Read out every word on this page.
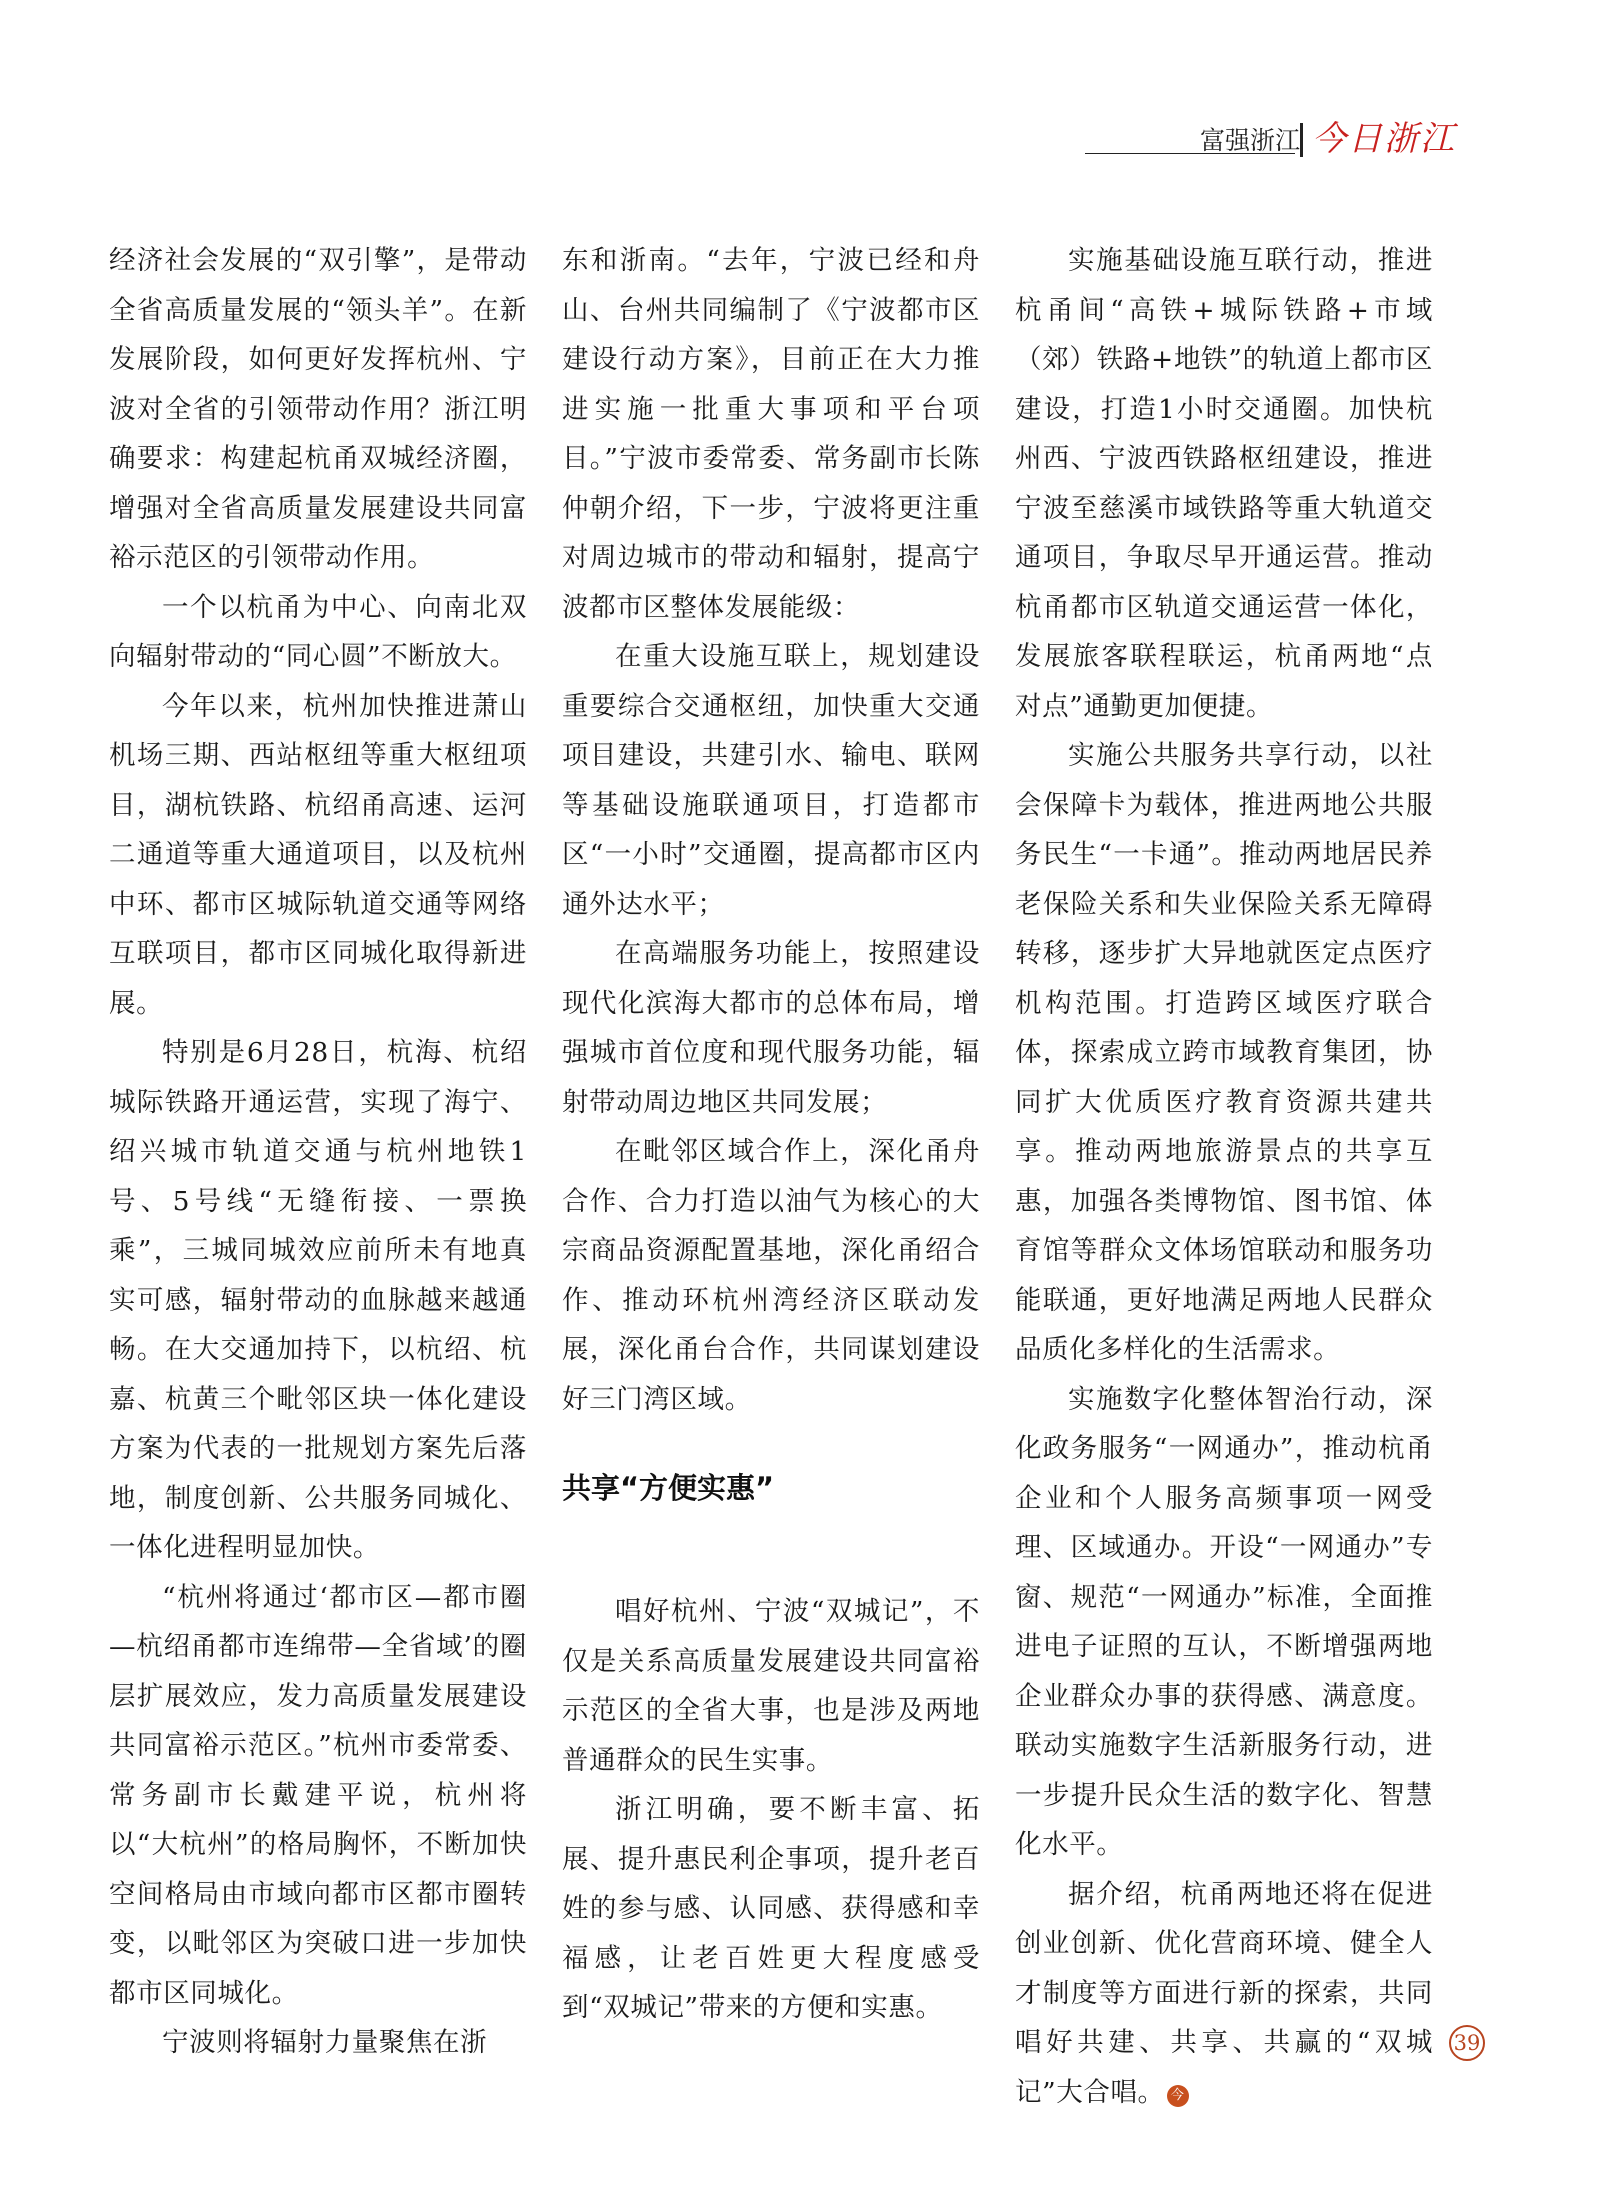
富强浙江 今日浙江

经济社会发展的“双引擎”，是带动全省高质量发展的“领头羊”。在新发展阶段，如何更好发挥杭州、宁波对全省的引领带动作用？浙江明确要求：构建起杭甬双城经济圈，增强对全省高质量发展建设共同富裕示范区的引领带动作用。

一个以杭甬为中心、向南北双向辐射带动的“同心圆”不断放大。

今年以来，杭州加快推进萧山机场三期、西站枢纽等重大枢纽项目，湖杭铁路、杭绍甬高速、运河二通道等重大通道项目，以及杭州中环、都市区城际轨道交通等网络互联项目，都市区同城化取得新进展。

特别是6月28日，杭海、杭绍城际铁路开通运营，实现了海宁、绍兴城市轨道交通与杭州地铁1号、5号线“无缝衔接、一票换乘”，三城同城效应前所未有地真实可感，辐射带动的血脉越来越通畅。在大交通加持下，以杭绍、杭嘉、杭黄三个毗邻区块一体化建设方案为代表的一批规划方案先后落地，制度创新、公共服务同城化、一体化进程明显加快。

“杭州将通过‘都市区—都市圈—杭绍甬都市连绵带—全省域’的圈层扩展效应，发力高质量发展建设共同富裕示范区。”杭州市委常委、常务副市长戴建平说，杭州将以“大杭州”的格局胸怀，不断加快空间格局由市域向都市区都市圈转变，以毗邻区为突破口进一步加快都市区同城化。

宁波则将辐射力量聚焦在浙

东和浙南。“去年，宁波已经和舟山、台州共同编制了《宁波都市区建设行动方案》，目前正在大力推进实施一批重大事项和平台项目。”宁波市委常委、常务副市长陈仲朝介绍，下一步，宁波将更注重对周边城市的带动和辐射，提高宁波都市区整体发展能级：

在重大设施互联上，规划建设重要综合交通枢纽，加快重大交通项目建设，共建引水、输电、联网等基础设施联通项目，打造都市区“一小时”交通圈，提高都市区内通外达水平；

在高端服务功能上，按照建设现代化滨海大都市的总体布局，增强城市首位度和现代服务功能，辐射带动周边地区共同发展；

在毗邻区域合作上，深化甬舟合作、合力打造以油气为核心的大宗商品资源配置基地，深化甬绍合作、推动环杭州湾经济区联动发展，深化甬台合作，共同谋划建设好三门湾区域。

共享“方便实惠”

唱好杭州、宁波“双城记”，不仅是关系高质量发展建设共同富裕示范区的全省大事，也是涉及两地普通群众的民生实事。

浙江明确，要不断丰富、拓展、提升惠民利企事项，提升老百姓的参与感、认同感、获得感和幸福感，让老百姓更大程度感受到“双城记”带来的方便和实惠。

实施基础设施互联行动，推进杭甬间“高铁+城际铁路+市域（郊）铁路+地铁”的轨道上都市区建设，打造1小时交通圈。加快杭州西、宁波西铁路枢纽建设，推进宁波至慈溪市域铁路等重大轨道交通项目，争取尽早开通运营。推动杭甬都市区轨道交通运营一体化，发展旅客联程联运，杭甬两地“点对点”通勤更加便捷。

实施公共服务共享行动，以社会保障卡为载体，推进两地公共服务民生“一卡通”。推动两地居民养老保险关系和失业保险关系无障碍转移，逐步扩大异地就医定点医疗机构范围。打造跨区域医疗联合体，探索成立跨市域教育集团，协同扩大优质医疗教育资源共建共享。推动两地旅游景点的共享互惠，加强各类博物馆、图书馆、体育馆等群众文体场馆联动和服务功能联通，更好地满足两地人民群众品质化多样化的生活需求。

实施数字化整体智治行动，深化政务服务“一网通办”，推动杭甬企业和个人服务高频事项一网受理、区域通办。开设“一网通办”专窗、规范“一网通办”标准，全面推进电子证照的互认，不断增强两地企业群众办事的获得感、满意度。联动实施数字生活新服务行动，进一步提升民众生活的数字化、智慧化水平。

据介绍，杭甬两地还将在促进创业创新、优化营商环境、健全人才制度等方面进行新的探索，共同唱好共建、共享、共赢的“双城记”大合唱。 今

39
